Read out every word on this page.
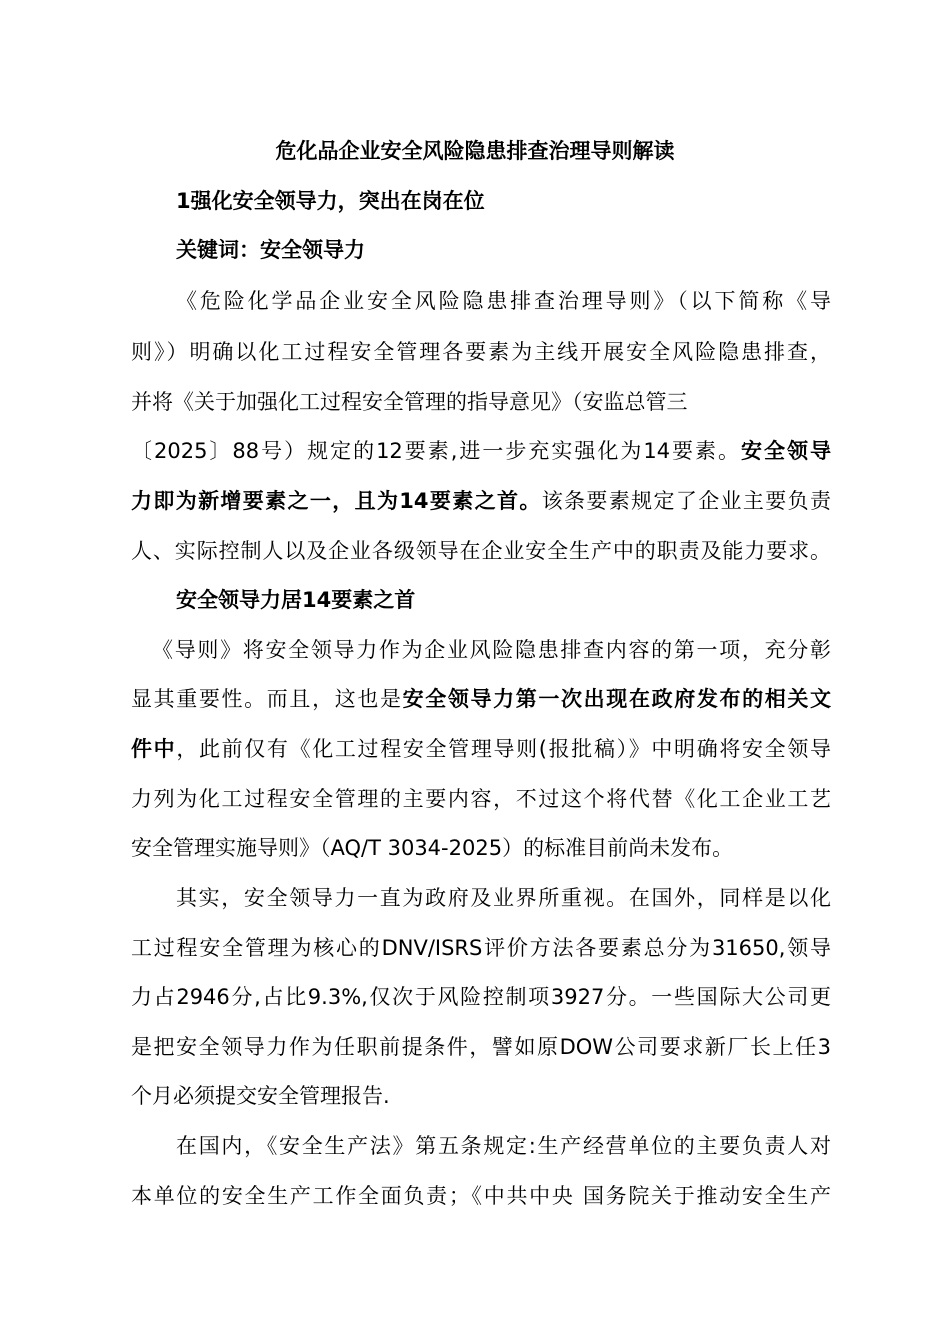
危化品企业安全风险隐患排查治理导则解读
1强化安全领导力，突出在岗在位
关键词：安全领导力
《危险化学品企业安全风险隐患排查治理导则》（以下简称《导
则》）明确以化工过程安全管理各要素为主线开展安全风险隐患排查，
并将《关于加强化工过程安全管理的指导意见》（安监总管三
〔2025〕88号）规定的12要素,进一步充实强化为14要素。安全领导
力即为新增要素之一，且为14要素之首。该条要素规定了企业主要负责
人、实际控制人以及企业各级领导在企业安全生产中的职责及能力要求。
安全领导力居14要素之首
《导则》将安全领导力作为企业风险隐患排查内容的第一项，充分彰
显其重要性。而且，这也是安全领导力第一次出现在政府发布的相关文
件中，此前仅有《化工过程安全管理导则(报批稿）》中明确将安全领导
力列为化工过程安全管理的主要内容，不过这个将代替《化工企业工艺
安全管理实施导则》（AQ/T 3034-2025）的标准目前尚未发布。
其实，安全领导力一直为政府及业界所重视。在国外，同样是以化
工过程安全管理为核心的DNV/ISRS评价方法各要素总分为31650,领导
力占2946分,占比9.3%,仅次于风险控制项3927分。一些国际大公司更
是把安全领导力作为任职前提条件，譬如原DOW公司要求新厂长上任3
个月必须提交安全管理报告.
在国内，《安全生产法》第五条规定:生产经营单位的主要负责人对
本单位的安全生产工作全面负责；《中共中央 国务院关于推动安全生产
